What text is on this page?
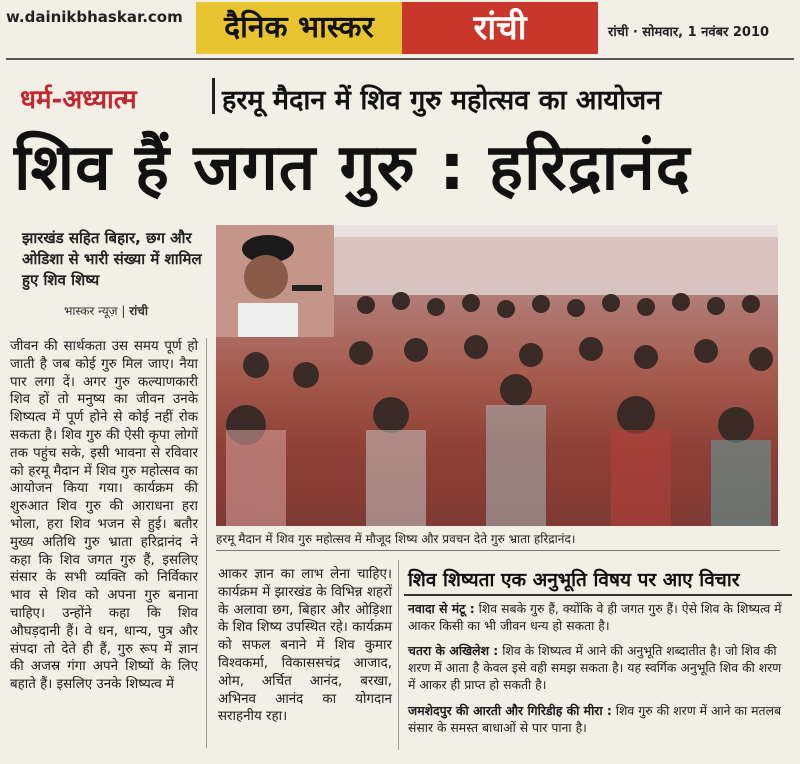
w.dainikbhaskar.com	दैनिक भास्कर	रांची	रांची · सोमवार, 1 नवंबर 2010
धर्म-अध्यात्म	हरमू मैदान में शिव गुरु महोत्सव का आयोजन
शिव हैं जगत गुरु : हरिद्रानंद
झारखंड सहित बिहार, छग और ओडिशा से भारी संख्या में शामिल हुए शिव शिष्य
भास्कर न्यूज़ | रांची
हरमू मैदान में शिव गुरु महोत्सव में मौजूद शिष्य और प्रवचन देते गुरु भ्राता हरिद्रानंद।
जीवन की सार्थकता उस समय पूर्ण हो जाती है जब कोई गुरु मिल जाए। नैया पार लगा दें। अगर गुरु कल्याणकारी शिव हों तो मनुष्य का जीवन उनके शिष्यत्व में पूर्ण होने से कोई नहीं रोक सकता है। शिव गुरु की ऐसी कृपा लोगों तक पहुंच सके, इसी भावना से रविवार को हरमू मैदान में शिव गुरु महोत्सव का आयोजन किया गया। कार्यक्रम की शुरुआत शिव गुरु की आराधना हरा भोला, हरा शिव भजन से हुई। बतौर मुख्य अतिथि गुरु भ्राता हरिद्रानंद ने कहा कि शिव जगत गुरु हैं, इसलिए संसार के सभी व्यक्ति को निर्विकार भाव से शिव को अपना गुरु बनाना चाहिए। उन्होंने कहा कि शिव औघड़दानी हैं। वे धन, धान्य, पुत्र और संपदा तो देते ही हैं, गुरु रूप में ज्ञान की अजस्र गंगा अपने शिष्यों के लिए बहाते हैं। इसलिए उनके शिष्यत्व में
आकर ज्ञान का लाभ लेना चाहिए। कार्यक्रम में झारखंड के विभिन्न शहरों के अलावा छग, बिहार और ओड़िशा के शिव शिष्य उपस्थित रहे। कार्यक्रम को सफल बनाने में शिव कुमार विश्वकर्मा, विकाससचंद्र आजाद, ओम, अर्चित आनंद, बरखा, अभिनव आनंद का योगदान सराहनीय रहा।
शिव शिष्यता एक अनुभूति विषय पर आए विचार
नवादा से मंटू : शिव सबके गुरु हैं, क्योंकि वे ही जगत गुरु हैं। ऐसे शिव के शिष्यत्व में आकर किसी का भी जीवन धन्य हो सकता है।
चतरा के अखिलेश : शिव के शिष्यत्व में आने की अनुभूति शब्दातीत है। जो शिव की शरण में आता है केवल इसे वही समझ सकता है। यह स्वर्गिक अनुभूति शिव की शरण में आकर ही प्राप्त हो सकती है।
जमशेदपुर की आरती और गिरिडीह की मीरा : शिव गुरु की शरण में आने का मतलब संसार के समस्त बाधाओं से पार पाना है।
